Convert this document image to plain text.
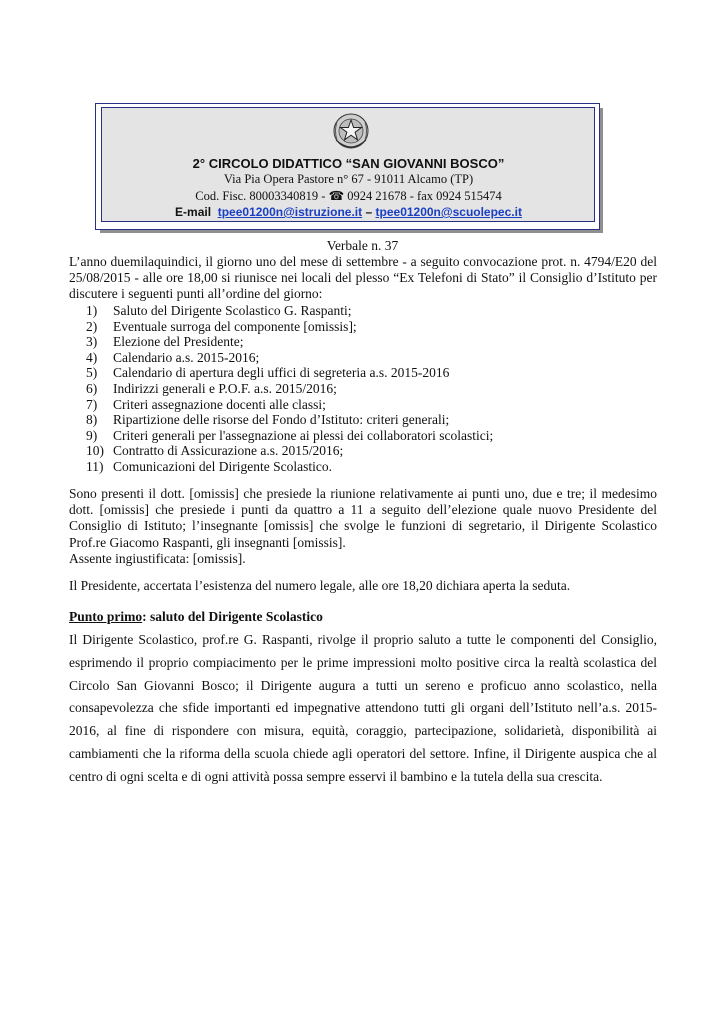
2° CIRCOLO DIDATTICO “SAN GIOVANNI BOSCO”
Via Pia Opera Pastore n° 67 - 91011 Alcamo (TP)
Cod. Fisc. 80003340819 - ☎ 0924 21678 - fax 0924 515474
E-mail tpee01200n@istruzione.it – tpee01200n@scuolepec.it
Verbale n. 37
L’anno duemilaquindici, il giorno uno del mese di settembre - a seguito convocazione prot. n. 4794/E20 del 25/08/2015 - alle ore 18,00 si riunisce nei locali del plesso “Ex Telefoni di Stato” il Consiglio d’Istituto per discutere i seguenti punti all’ordine del giorno:
1)	Saluto del Dirigente Scolastico G. Raspanti;
2)	Eventuale surroga del componente [omissis];
3)	Elezione del Presidente;
4)	Calendario a.s. 2015-2016;
5)	Calendario di apertura degli uffici di segreteria a.s. 2015-2016
6)	Indirizzi generali e P.O.F. a.s. 2015/2016;
7)	Criteri assegnazione docenti alle classi;
8)	Ripartizione delle risorse del Fondo d’Istituto: criteri generali;
9)	Criteri generali per l'assegnazione ai plessi dei collaboratori scolastici;
10) Contratto di Assicurazione a.s. 2015/2016;
11) Comunicazioni del Dirigente Scolastico.
Sono presenti il dott. [omissis] che presiede la riunione relativamente ai punti uno, due e tre; il medesimo dott. [omissis] che presiede i punti da quattro a 11 a seguito dell’elezione quale nuovo Presidente del Consiglio di Istituto; l’insegnante [omissis] che svolge le funzioni di segretario, il Dirigente Scolastico Prof.re Giacomo Raspanti, gli insegnanti [omissis].
Assente ingiustificata: [omissis].
Il Presidente, accertata l’esistenza del numero legale, alle ore 18,20 dichiara aperta la seduta.
Punto primo: saluto del Dirigente Scolastico
Il Dirigente Scolastico, prof.re G. Raspanti, rivolge il proprio saluto a tutte le componenti del Consiglio, esprimendo il proprio compiacimento per le prime impressioni molto positive circa la realtà scolastica del Circolo San Giovanni Bosco; il Dirigente augura a tutti un sereno e proficuo anno scolastico, nella consapevolezza che sfide importanti ed impegnative attendono tutti gli organi dell’Istituto nell’a.s. 2015-2016, al fine di rispondere con misura, equità, coraggio, partecipazione, solidarietà, disponibilità ai cambiamenti che la riforma della scuola chiede agli operatori del settore. Infine, il Dirigente auspica che al centro di ogni scelta e di ogni attività possa sempre esservi il bambino e la tutela della sua crescita.
